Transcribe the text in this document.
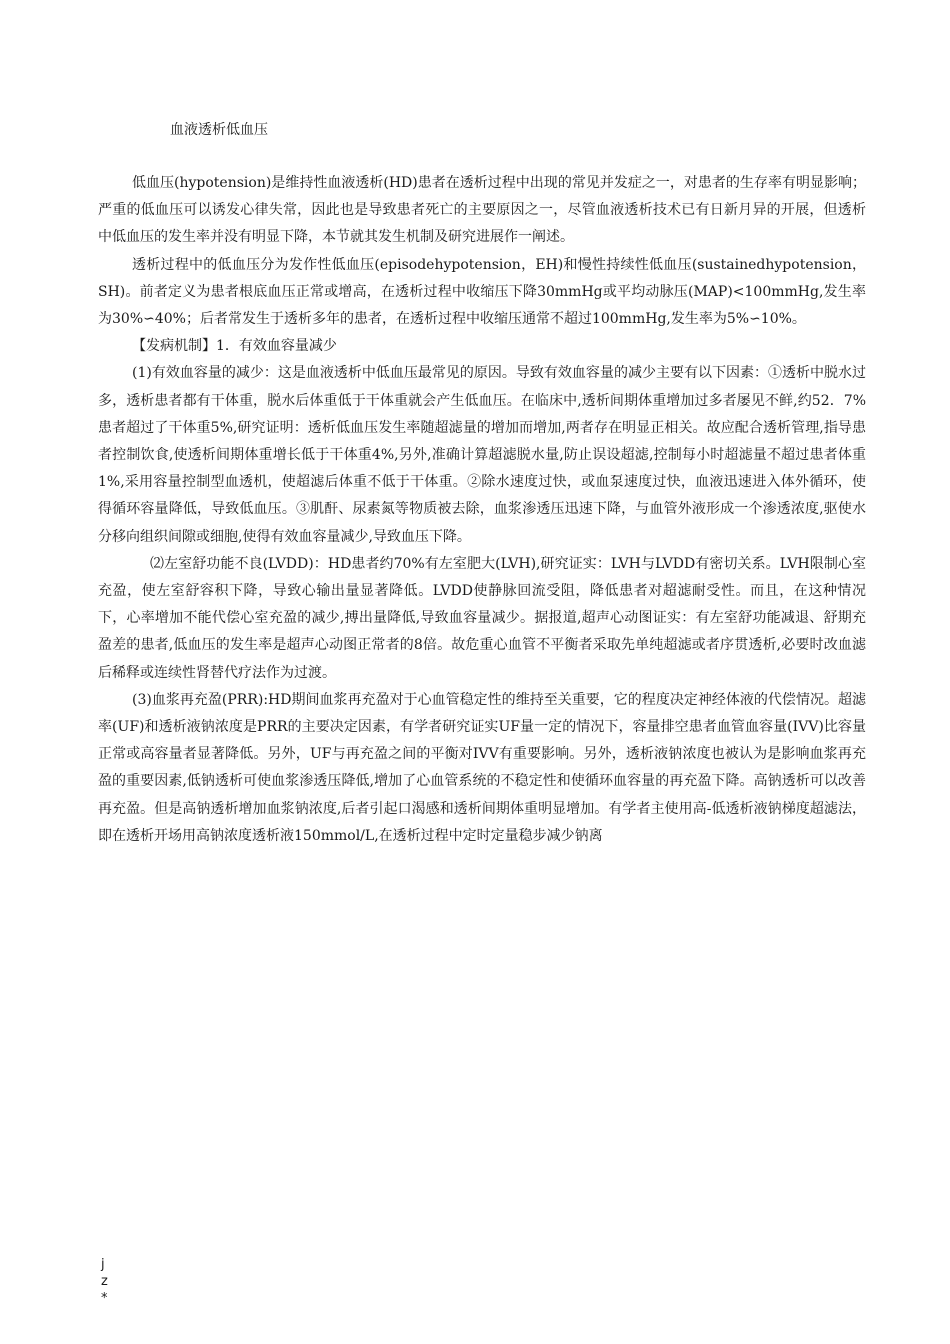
血液透析低血压

低血压(hypotension)是维持性血液透析(HD)患者在透析过程中出现的常见并发症之一，对患者的生存率有明显影响；严重的低血压可以诱发心律失常，因此也是导致患者死亡的主要原因之一，尽管血液透析技术已有日新月异的开展，但透析中低血压的发生率并没有明显下降，本节就其发生机制及研究进展作一阐述。

透析过程中的低血压分为发作性低血压(episodehypotension，EH)和慢性持续性低血压(sustainedhypotension，SH)。前者定义为患者根底血压正常或增高，在透析过程中收缩压下降30mmHg或平均动脉压(MAP)<100mmHg,发生率为30%∽40%；后者常发生于透析多年的患者，在透析过程中收缩压通常不超过100mmHg,发生率为5%∽10%。

【发病机制】1．有效血容量减少

(1)有效血容量的减少：这是血液透析中低血压最常见的原因。导致有效血容量的减少主要有以下因素：①透析中脱水过多，透析患者都有干体重，脱水后体重低于干体重就会产生低血压。在临床中,透析间期体重增加过多者屡见不鲜,约52．7%患者超过了干体重5%,研究证明：透析低血压发生率随超滤量的增加而增加,两者存在明显正相关。故应配合透析管理,指导患者控制饮食,使透析间期体重增长低于干体重4%,另外,准确计算超滤脱水量,防止误设超滤,控制每小时超滤量不超过患者体重1%,采用容量控制型血透机，使超滤后体重不低于干体重。②除水速度过快，或血泵速度过快，血液迅速进入体外循环，使得循环容量降低，导致低血压。③肌酐、尿素氮等物质被去除，血浆渗透压迅速下降，与血管外液形成一个渗透浓度,驱使水分移向组织间隙或细胞,使得有效血容量减少,导致血压下降。

⑵左室舒功能不良(LVDD)：HD患者约70%有左室肥大(LVH),研究证实：LVH与LVDD有密切关系。LVH限制心室充盈，使左室舒容积下降，导致心输出量显著降低。LVDD使静脉回流受阻，降低患者对超滤耐受性。而且，在这种情况下，心率增加不能代偿心室充盈的减少,搏出量降低,导致血容量减少。据报道,超声心动图证实：有左室舒功能减退、舒期充盈差的患者,低血压的发生率是超声心动图正常者的8倍。故危重心血管不平衡者采取先单纯超滤或者序贯透析,必要时改血滤后稀释或连续性肾替代疗法作为过渡。

(3)血浆再充盈(PRR):HD期间血浆再充盈对于心血管稳定性的维持至关重要，它的程度决定神经体液的代偿情况。超滤率(UF)和透析液钠浓度是PRR的主要决定因素，有学者研究证实UF量一定的情况下，容量排空患者血管血容量(IVV)比容量正常或高容量者显著降低。另外，UF与再充盈之间的平衡对IVV有重要影响。另外，透析液钠浓度也被认为是影响血浆再充盈的重要因素,低钠透析可使血浆渗透压降低,增加了心血管系统的不稳定性和使循环血容量的再充盈下降。高钠透析可以改善再充盈。但是高钠透析增加血浆钠浓度,后者引起口渴感和透析间期体重明显增加。有学者主使用高-低透析液钠梯度超滤法，即在透析开场用高钠浓度透析液150mmol/L,在透析过程中定时定量稳步减少钠离

j
z
*
